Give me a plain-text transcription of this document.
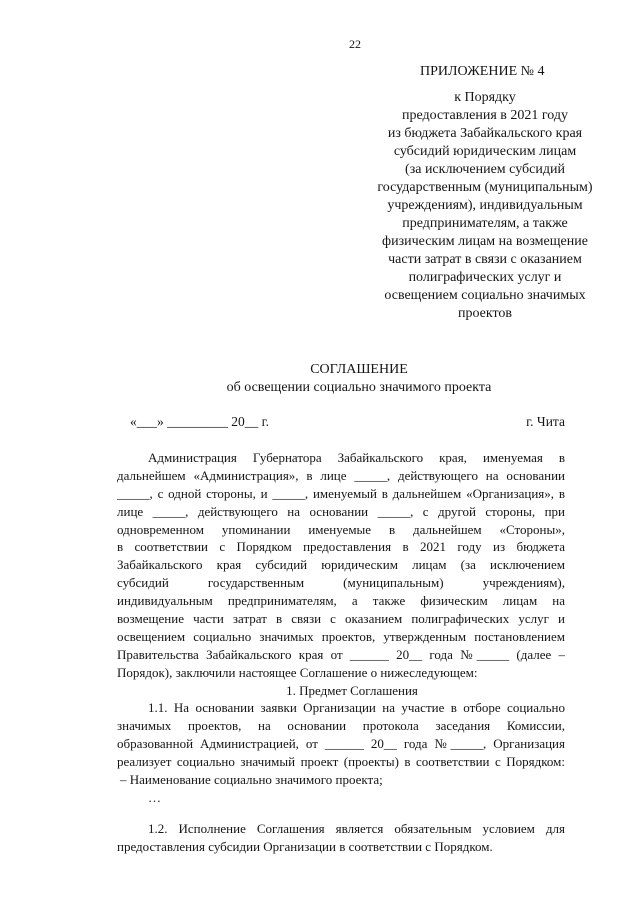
22
ПРИЛОЖЕНИЕ № 4
к Порядку
предоставления в 2021 году
из бюджета Забайкальского края
субсидий юридическим лицам
(за исключением субсидий
государственным (муниципальным)
учреждениям), индивидуальным
предпринимателям, а также
физическим лицам на возмещение
части затрат в связи с оказанием
полиграфических услуг и
освещением социально значимых
проектов
СОГЛАШЕНИЕ
об освещении социально значимого проекта
«___» _________ 20__ г.	г. Чита
Администрация Губернатора Забайкальского края, именуемая в
дальнейшем «Администрация», в лице _____, действующего на основании
_____, с одной стороны, и _____, именуемый в дальнейшем «Организация», в
лице _____, действующего на основании _____, с другой стороны, при
одновременном упоминании именуемые в дальнейшем «Стороны»,
в соответствии с Порядком предоставления в 2021 году из бюджета
Забайкальского края субсидий юридическим лицам (за исключением
субсидий государственным (муниципальным) учреждениям),
индивидуальным предпринимателям, а также физическим лицам на
возмещение части затрат в связи с оказанием полиграфических услуг и
освещением социально значимых проектов, утвержденным постановлением
Правительства Забайкальского края от ______ 20__ года №_____ (далее –
Порядок), заключили настоящее Соглашение о нижеследующем:
1. Предмет Соглашения
1.1. На основании заявки Организации на участие в отборе социально
значимых проектов, на основании протокола заседания Комиссии,
образованной Администрацией, от ______ 20__ года №_____, Организация
реализует социально значимый проект (проекты) в соответствии с Порядком:
– Наименование социально значимого проекта;
…
1.2. Исполнение Соглашения является обязательным условием для
предоставления субсидии Организации в соответствии с Порядком.
